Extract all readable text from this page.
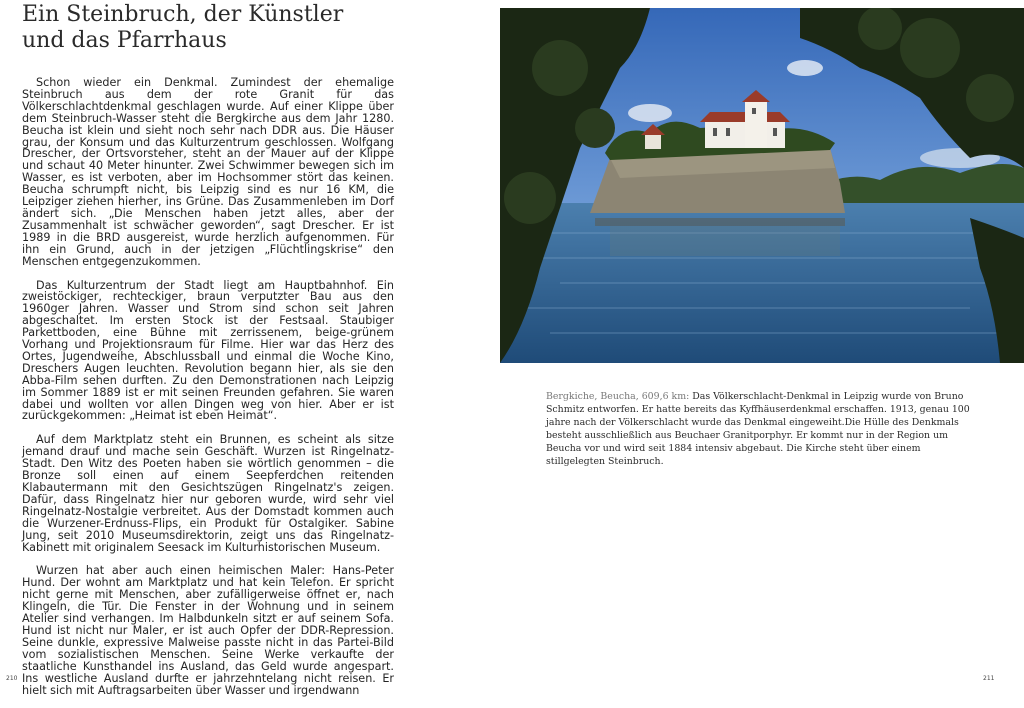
Ein Steinbruch, der Künstler
und das Pfarrhaus

Schon wieder ein Denkmal. Zumindest der ehemalige Steinbruch aus dem der rote Granit für das Völkerschlachtdenkmal geschlagen wurde. Auf einer Klippe über dem Steinbruch-Wasser steht die Bergkirche aus dem Jahr 1280. Beucha ist klein und sieht noch sehr nach DDR aus. Die Häuser grau, der Konsum und das Kulturzentrum geschlossen. Wolfgang Drescher, der Ortsvorsteher, steht an der Mauer auf der Klippe und schaut 40 Meter hinunter. Zwei Schwimmer bewegen sich im Wasser, es ist verboten, aber im Hochsommer stört das keinen. Beucha schrumpft nicht, bis Leipzig sind es nur 16 KM, die Leipziger ziehen hierher, ins Grüne. Das Zusammenleben im Dorf ändert sich. „Die Menschen haben jetzt alles, aber der Zusammenhalt ist schwächer geworden“, sagt Drescher. Er ist 1989 in die BRD ausgereist, wurde herzlich aufgenommen. Für ihn ein Grund, auch in der jetzigen „Flüchtlingskrise“ den Menschen entgegenzukommen.

Das Kulturzentrum der Stadt liegt am Hauptbahnhof. Ein zweistöckiger, rechteckiger, braun verputzter Bau aus den 1960ger Jahren. Wasser und Strom sind schon seit Jahren abgeschaltet. Im ersten Stock ist der Festsaal. Staubiger Parkettboden, eine Bühne mit zerrissenem, beige-grünem Vorhang und Projektionsraum für Filme. Hier war das Herz des Ortes, Jugendweihe, Abschlussball und einmal die Woche Kino, Dreschers Augen leuchten. Revolution begann hier, als sie den Abba-Film sehen durften. Zu den Demonstrationen nach Leipzig im Sommer 1889 ist er mit seinen Freunden gefahren. Sie waren dabei und wollten vor allen Dingen weg von hier. Aber er ist zurückgekommen: „Heimat ist eben Heimat“.

Auf dem Marktplatz steht ein Brunnen, es scheint als sitze jemand drauf und mache sein Geschäft. Wurzen ist Ringelnatz-Stadt. Den Witz des Poeten haben sie wörtlich genommen – die Bronze soll einen auf einem Seepferdchen reitenden Klabautermann mit den Gesichtszügen Ringelnatz's zeigen. Dafür, dass Ringelnatz hier nur geboren wurde, wird sehr viel Ringelnatz-Nostalgie verbreitet. Aus der Domstadt kommen auch die Wurzener-Erdnuss-Flips, ein Produkt für Ostalgiker. Sabine Jung, seit 2010 Museumsdirektorin, zeigt uns das Ringelnatz-Kabinett mit originalem Seesack im Kulturhistorischen Museum.

Wurzen hat aber auch einen heimischen Maler: Hans-Peter Hund. Der wohnt am Marktplatz und hat kein Telefon. Er spricht nicht gerne mit Menschen, aber zufälligerweise öffnet er, nach Klingeln, die Tür. Die Fenster in der Wohnung und in seinem Atelier sind verhangen. Im Halbdunkeln sitzt er auf seinem Sofa. Hund ist nicht nur Maler, er ist auch Opfer der DDR-Repression. Seine dunkle, expressive Malweise passte nicht in das Partei-Bild vom sozialistischen Menschen. Seine Werke verkaufte der staatliche Kunsthandel ins Ausland, das Geld wurde angespart. Ins westliche Ausland durfte er jahrzehntelang nicht reisen. Er hielt sich mit Auftragsarbeiten über Wasser und irgendwann

210
Bergkiche, Beucha, 609,6 km: Das Völkerschlacht-Denkmal in Leipzig wurde von Bruno Schmitz entworfen. Er hatte bereits das Kyffhäuserdenkmal erschaffen. 1913, genau 100 jahre nach der Völkerschlacht wurde das Denkmal eingeweiht.Die Hülle des Denkmals besteht ausschließlich aus Beuchaer Granitporphyr. Er kommt nur in der Region um Beucha vor und wird seit 1884 intensiv abgebaut. Die Kirche steht über einem stillgelegten Steinbruch.
211
